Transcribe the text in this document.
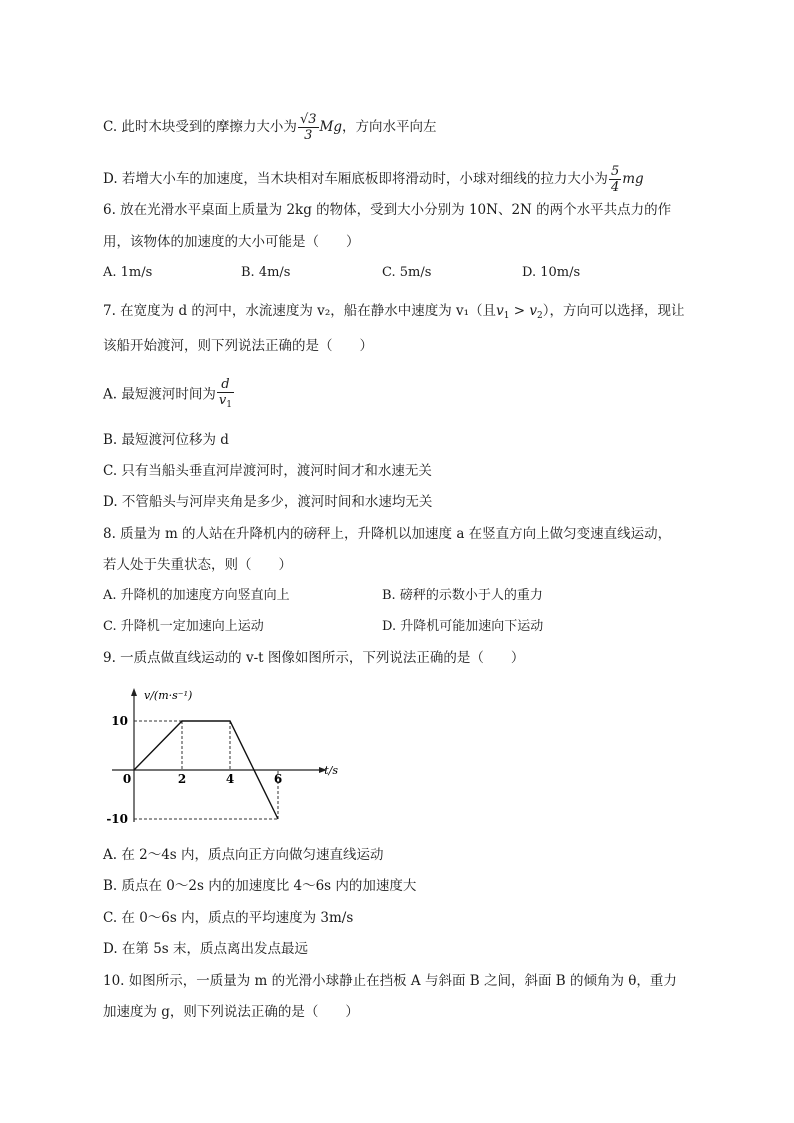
C. 此时木块受到的摩擦力大小为 $\frac{√3}{3}$ Mg，方向水平向左
D. 若增大小车的加速度，当木块相对车厢底板即将滑动时，小球对细线的拉力大小为 $\frac{5}{4}$ mg
6. 放在光滑水平桌面上质量为 2kg 的物体，受到大小分别为 10N、2N 的两个水平共点力的作
用，该物体的加速度的大小可能是（　　）
A. 1m/s	B. 4m/s	C. 5m/s	D. 10m/s
7. 在宽度为 d 的河中，水流速度为 v₂，船在静水中速度为 v₁（且$v_1 > v_2$），方向可以选择，现让
该船开始渡河，则下列说法正确的是（　　）
A. 最短渡河时间为 $\frac{d}{v_1}$
B. 最短渡河位移为 d
C. 只有当船头垂直河岸渡河时，渡河时间才和水速无关
D. 不管船头与河岸夹角是多少，渡河时间和水速均无关
8. 质量为 m 的人站在升降机内的磅秤上，升降机以加速度 a 在竖直方向上做匀变速直线运动，
若人处于失重状态，则（　　）
A. 升降机的加速度方向竖直向上	B. 磅秤的示数小于人的重力
C. 升降机一定加速向上运动	D. 升降机可能加速向下运动
9. 一质点做直线运动的 v-t 图像如图所示，下列说法正确的是（　　）
v/(m·s⁻¹)
t/s
0	2	4	6
10
-10
A. 在 2～4s 内，质点向正方向做匀速直线运动
B. 质点在 0～2s 内的加速度比 4～6s 内的加速度大
C. 在 0～6s 内，质点的平均速度为 3m/s
D. 在第 5s 末，质点离出发点最远
10. 如图所示，一质量为 m 的光滑小球静止在挡板 A 与斜面 B 之间，斜面 B 的倾角为 θ，重力
加速度为 g，则下列说法正确的是（　　）
